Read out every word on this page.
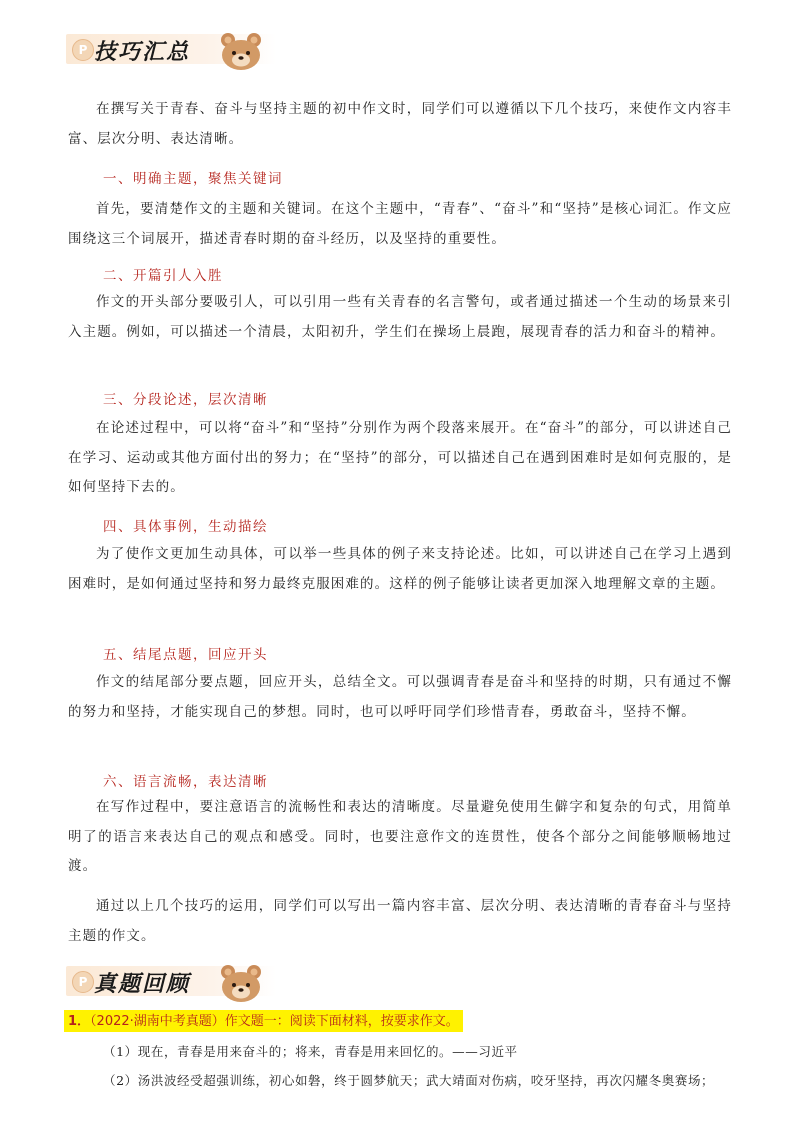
P 技巧汇总
在撰写关于青春、奋斗与坚持主题的初中作文时，同学们可以遵循以下几个技巧，来使作文内容丰富、层次分明、表达清晰。
一、明确主题，聚焦关键词
首先，要清楚作文的主题和关键词。在这个主题中，“青春”、“奋斗”和“坚持”是核心词汇。作文应围绕这三个词展开，描述青春时期的奋斗经历，以及坚持的重要性。
二、开篇引人入胜
作文的开头部分要吸引人，可以引用一些有关青春的名言警句，或者通过描述一个生动的场景来引入主题。例如，可以描述一个清晨，太阳初升，学生们在操场上晨跑，展现青春的活力和奋斗的精神。
三、分段论述，层次清晰
在论述过程中，可以将“奋斗”和“坚持”分别作为两个段落来展开。在“奋斗”的部分，可以讲述自己在学习、运动或其他方面付出的努力；在“坚持”的部分，可以描述自己在遇到困难时是如何克服的，是如何坚持下去的。
四、具体事例，生动描绘
为了使作文更加生动具体，可以举一些具体的例子来支持论述。比如，可以讲述自己在学习上遇到困难时，是如何通过坚持和努力最终克服困难的。这样的例子能够让读者更加深入地理解文章的主题。
五、结尾点题，回应开头
作文的结尾部分要点题，回应开头，总结全文。可以强调青春是奋斗和坚持的时期，只有通过不懈的努力和坚持，才能实现自己的梦想。同时，也可以呼吁同学们珍惜青春，勇敢奋斗，坚持不懈。
六、语言流畅，表达清晰
在写作过程中，要注意语言的流畅性和表达的清晰度。尽量避免使用生僻字和复杂的句式，用简单明了的语言来表达自己的观点和感受。同时，也要注意作文的连贯性，使各个部分之间能够顺畅地过渡。
通过以上几个技巧的运用，同学们可以写出一篇内容丰富、层次分明、表达清晰的青春奋斗与坚持主题的作文。
P 真题回顾
1．（2022·湖南中考真题）作文题一：阅读下面材料，按要求作文。
（1）现在，青春是用来奋斗的；将来，青春是用来回忆的。——习近平
（2）汤洪波经受超强训练，初心如磐，终于圆梦航天；武大靖面对伤病，咬牙坚持，再次闪耀冬奥赛场；
